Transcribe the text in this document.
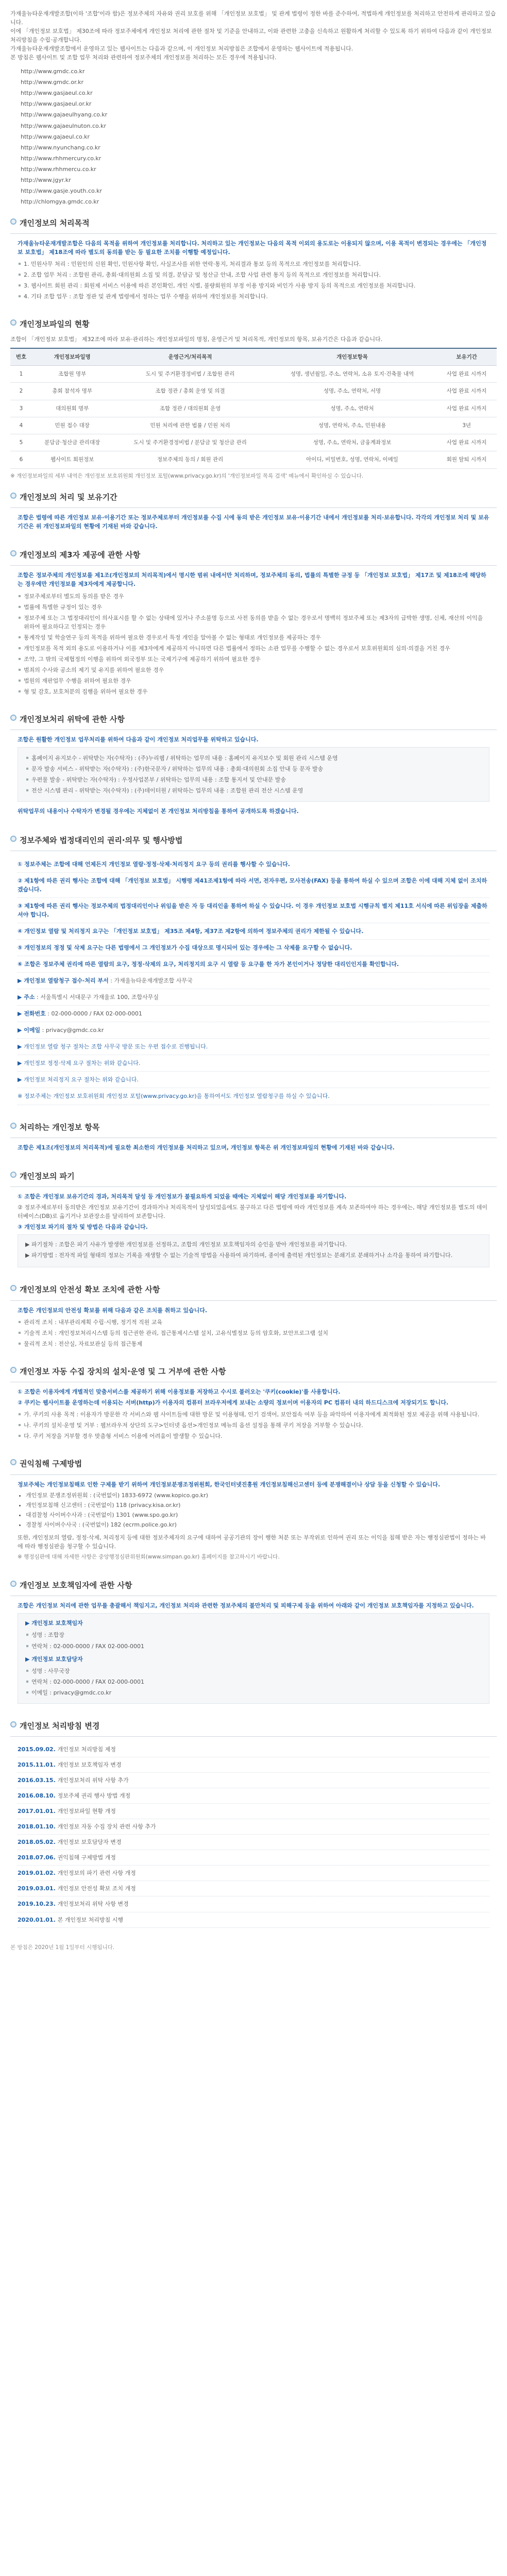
가재울뉴타운재개발조합(이하 '조합'이라 함)은 정보주체의 자유와 권리 보호를 위해 「개인정보 보호법」 및 관계 법령이 정한 바를 준수하여, 적법하게 개인정보를 처리하고 안전하게 관리하고 있습니다.

이에 「개인정보 보호법」 제30조에 따라 정보주체에게 개인정보 처리에 관한 절차 및 기준을 안내하고, 이와 관련한 고충을 신속하고 원활하게 처리할 수 있도록 하기 위하여 다음과 같이 개인정보 처리방침을 수립·공개합니다.

가재울뉴타운재개발조합에서 운영하고 있는 웹사이트는 다음과 같으며, 이 개인정보 처리방침은 조합에서 운영하는 웹사이트에 적용됩니다.

본 방침은 웹사이트 및 조합 업무 처리와 관련하여 정보주체의 개인정보를 처리하는 모든 경우에 적용됩니다.

http://www.gmdc.co.kr
http://www.gmdc.or.kr
http://www.gasjaeul.co.kr
http://www.gasjaeul.or.kr
http://www.gajaeulhyang.co.kr
http://www.gajaeulnuton.co.kr
http://www.gajaeul.co.kr
http://www.nyunchang.co.kr
http://www.rhhmercury.co.kr
http://www.rhhmercu.co.kr
http://www.jgyr.kr
http://www.gasje.youth.co.kr
http://chlomgya.gmdc.co.kr
개인정보의 처리목적

가재울뉴타운재개발조합은 다음의 목적을 위하여 개인정보를 처리합니다. 처리하고 있는 개인정보는 다음의 목적 이외의 용도로는 이용되지 않으며, 이용 목적이 변경되는 경우에는 「개인정보 보호법」 제18조에 따라 별도의 동의를 받는 등 필요한 조치를 이행할 예정입니다.

1. 민원사무 처리 : 민원인의 신원 확인, 민원사항 확인, 사실조사를 위한 연락·통지, 처리결과 통보 등의 목적으로 개인정보를 처리합니다.
2. 조합 업무 처리 : 조합원 관리, 총회·대의원회 소집 및 의결, 분담금 및 청산금 안내, 조합 사업 관련 통지 등의 목적으로 개인정보를 처리합니다.
3. 웹사이트 회원 관리 : 회원제 서비스 이용에 따른 본인확인, 개인 식별, 불량회원의 부정 이용 방지와 비인가 사용 방지 등의 목적으로 개인정보를 처리합니다.
4. 기타 조합 업무 : 조합 정관 및 관계 법령에서 정하는 업무 수행을 위하여 개인정보를 처리합니다.
개인정보파일의 현황

조합이 「개인정보 보호법」 제32조에 따라 보유·관리하는 개인정보파일의 명칭, 운영근거 및 처리목적, 개인정보의 항목, 보유기간은 다음과 같습니다.

번호	개인정보파일명	운영근거/처리목적	개인정보항목	보유기간
1	조합원 명부	도시 및 주거환경정비법 / 조합원 관리	성명, 생년월일, 주소, 연락처, 소유 토지·건축물 내역	사업 완료 시까지
2	총회 참석자 명부	조합 정관 / 총회 운영 및 의결	성명, 주소, 연락처, 서명	사업 완료 시까지
3	대의원회 명부	조합 정관 / 대의원회 운영	성명, 주소, 연락처	사업 완료 시까지
4	민원 접수 대장	민원 처리에 관한 법률 / 민원 처리	성명, 연락처, 주소, 민원내용	3년
5	분담금·청산금 관리대장	도시 및 주거환경정비법 / 분담금 및 청산금 관리	성명, 주소, 연락처, 금융계좌정보	사업 완료 시까지
6	웹사이트 회원정보	정보주체의 동의 / 회원 관리	아이디, 비밀번호, 성명, 연락처, 이메일	회원 탈퇴 시까지

※ 개인정보파일의 세부 내역은 개인정보 보호위원회 개인정보 포털(www.privacy.go.kr)의 '개인정보파일 목록 검색' 메뉴에서 확인하실 수 있습니다.

개인정보의 처리 및 보유기간

조합은 법령에 따른 개인정보 보유·이용기간 또는 정보주체로부터 개인정보를 수집 시에 동의 받은 개인정보 보유·이용기간 내에서 개인정보를 처리·보유합니다. 각각의 개인정보 처리 및 보유기간은 위 개인정보파일의 현황에 기재된 바와 같습니다.

개인정보의 제3자 제공에 관한 사항

조합은 정보주체의 개인정보를 제1조(개인정보의 처리목적)에서 명시한 범위 내에서만 처리하며, 정보주체의 동의, 법률의 특별한 규정 등 「개인정보 보호법」 제17조 및 제18조에 해당하는 경우에만 개인정보를 제3자에게 제공합니다.

정보주체로부터 별도의 동의를 받은 경우
법률에 특별한 규정이 있는 경우
정보주체 또는 그 법정대리인이 의사표시를 할 수 없는 상태에 있거나 주소불명 등으로 사전 동의를 받을 수 없는 경우로서 명백히 정보주체 또는 제3자의 급박한 생명, 신체, 재산의 이익을 위하여 필요하다고 인정되는 경우
통계작성 및 학술연구 등의 목적을 위하여 필요한 경우로서 특정 개인을 알아볼 수 없는 형태로 개인정보를 제공하는 경우
개인정보를 목적 외의 용도로 이용하거나 이를 제3자에게 제공하지 아니하면 다른 법률에서 정하는 소관 업무를 수행할 수 없는 경우로서 보호위원회의 심의·의결을 거친 경우
조약, 그 밖의 국제협정의 이행을 위하여 외국정부 또는 국제기구에 제공하기 위하여 필요한 경우
범죄의 수사와 공소의 제기 및 유지를 위하여 필요한 경우
법원의 재판업무 수행을 위하여 필요한 경우
형 및 감호, 보호처분의 집행을 위하여 필요한 경우
개인정보처리 위탁에 관한 사항

조합은 원활한 개인정보 업무처리를 위하여 다음과 같이 개인정보 처리업무를 위탁하고 있습니다.

홈페이지 유지보수 - 위탁받는 자(수탁자) : (주)누리웹 / 위탁하는 업무의 내용 : 홈페이지 유지보수 및 회원 관리 시스템 운영
문자 발송 서비스 - 위탁받는 자(수탁자) : (주)한국문자 / 위탁하는 업무의 내용 : 총회·대의원회 소집 안내 등 문자 발송
우편물 발송 - 위탁받는 자(수탁자) : 우정사업본부 / 위탁하는 업무의 내용 : 조합 통지서 및 안내문 발송
전산 시스템 관리 - 위탁받는 자(수탁자) : (주)데이터원 / 위탁하는 업무의 내용 : 조합원 관리 전산 시스템 운영

위탁업무의 내용이나 수탁자가 변경될 경우에는 지체없이 본 개인정보 처리방침을 통하여 공개하도록 하겠습니다.

정보주체와 법정대리인의 권리·의무 및 행사방법
① 정보주체는 조합에 대해 언제든지 개인정보 열람·정정·삭제·처리정지 요구 등의 권리를 행사할 수 있습니다.
② 제1항에 따른 권리 행사는 조합에 대해 「개인정보 보호법」 시행령 제41조제1항에 따라 서면, 전자우편, 모사전송(FAX) 등을 통하여 하실 수 있으며 조합은 이에 대해 지체 없이 조치하겠습니다.
③ 제1항에 따른 권리 행사는 정보주체의 법정대리인이나 위임을 받은 자 등 대리인을 통하여 하실 수 있습니다. 이 경우 개인정보 보호법 시행규칙 별지 제11호 서식에 따른 위임장을 제출하셔야 합니다.
④ 개인정보 열람 및 처리정지 요구는 「개인정보 보호법」 제35조 제4항, 제37조 제2항에 의하여 정보주체의 권리가 제한될 수 있습니다.
⑤ 개인정보의 정정 및 삭제 요구는 다른 법령에서 그 개인정보가 수집 대상으로 명시되어 있는 경우에는 그 삭제를 요구할 수 없습니다.
⑥ 조합은 정보주체 권리에 따른 열람의 요구, 정정·삭제의 요구, 처리정지의 요구 시 열람 등 요구를 한 자가 본인이거나 정당한 대리인인지를 확인합니다.
▶ 개인정보 열람청구 접수·처리 부서 : 가재울뉴타운재개발조합 사무국
▶ 주소 : 서울특별시 서대문구 가재울로 100, 조합사무실
▶ 전화번호 : 02-000-0000 / FAX 02-000-0001
▶ 이메일 : privacy@gmdc.co.kr
▶ 개인정보 열람 청구 절차는 조합 사무국 방문 또는 우편 접수로 진행됩니다.
▶ 개인정보 정정·삭제 요구 절차는 위와 같습니다.
▶ 개인정보 처리정지 요구 절차는 위와 같습니다.
※ 정보주체는 개인정보 보호위원회 개인정보 포털(www.privacy.go.kr)을 통하여서도 개인정보 열람청구를 하실 수 있습니다.
처리하는 개인정보 항목

조합은 제1조(개인정보의 처리목적)에 필요한 최소한의 개인정보를 처리하고 있으며, 개인정보 항목은 위 개인정보파일의 현황에 기재된 바와 같습니다.

개인정보의 파기

① 조합은 개인정보 보유기간의 경과, 처리목적 달성 등 개인정보가 불필요하게 되었을 때에는 지체없이 해당 개인정보를 파기합니다.

② 정보주체로부터 동의받은 개인정보 보유기간이 경과하거나 처리목적이 달성되었음에도 불구하고 다른 법령에 따라 개인정보를 계속 보존하여야 하는 경우에는, 해당 개인정보를 별도의 데이터베이스(DB)로 옮기거나 보관장소를 달리하여 보존합니다.

③ 개인정보 파기의 절차 및 방법은 다음과 같습니다.

▶ 파기절차 : 조합은 파기 사유가 발생한 개인정보를 선정하고, 조합의 개인정보 보호책임자의 승인을 받아 개인정보를 파기합니다.

▶ 파기방법 : 전자적 파일 형태의 정보는 기록을 재생할 수 없는 기술적 방법을 사용하여 파기하며, 종이에 출력된 개인정보는 분쇄기로 분쇄하거나 소각을 통하여 파기합니다.

개인정보의 안전성 확보 조치에 관한 사항

조합은 개인정보의 안전성 확보를 위해 다음과 같은 조치를 취하고 있습니다.

관리적 조치 : 내부관리계획 수립·시행, 정기적 직원 교육
기술적 조치 : 개인정보처리시스템 등의 접근권한 관리, 접근통제시스템 설치, 고유식별정보 등의 암호화, 보안프로그램 설치
물리적 조치 : 전산실, 자료보관실 등의 접근통제
개인정보 자동 수집 장치의 설치·운영 및 그 거부에 관한 사항

① 조합은 이용자에게 개별적인 맞춤서비스를 제공하기 위해 이용정보를 저장하고 수시로 불러오는 '쿠키(cookie)'를 사용합니다.

② 쿠키는 웹사이트를 운영하는데 이용되는 서버(http)가 이용자의 컴퓨터 브라우저에게 보내는 소량의 정보이며 이용자의 PC 컴퓨터 내의 하드디스크에 저장되기도 합니다.

가. 쿠키의 사용 목적 : 이용자가 방문한 각 서비스와 웹 사이트들에 대한 방문 및 이용형태, 인기 검색어, 보안접속 여부 등을 파악하여 이용자에게 최적화된 정보 제공을 위해 사용됩니다.
나. 쿠키의 설치·운영 및 거부 : 웹브라우저 상단의 도구>인터넷 옵션>개인정보 메뉴의 옵션 설정을 통해 쿠키 저장을 거부할 수 있습니다.
다. 쿠키 저장을 거부할 경우 맞춤형 서비스 이용에 어려움이 발생할 수 있습니다.
권익침해 구제방법

정보주체는 개인정보침해로 인한 구제를 받기 위하여 개인정보분쟁조정위원회, 한국인터넷진흥원 개인정보침해신고센터 등에 분쟁해결이나 상담 등을 신청할 수 있습니다.

• 개인정보 분쟁조정위원회 : (국번없이) 1833-6972 (www.kopico.go.kr)
• 개인정보침해 신고센터 : (국번없이) 118 (privacy.kisa.or.kr)
• 대검찰청 사이버수사과 : (국번없이) 1301 (www.spo.go.kr)
• 경찰청 사이버수사국 : (국번없이) 182 (ecrm.police.go.kr)

또한, 개인정보의 열람, 정정·삭제, 처리정지 등에 대한 정보주체자의 요구에 대하여 공공기관의 장이 행한 처분 또는 부작위로 인하여 권리 또는 이익을 침해 받은 자는 행정심판법이 정하는 바에 따라 행정심판을 청구할 수 있습니다.

※ 행정심판에 대해 자세한 사항은 중앙행정심판위원회(www.simpan.go.kr) 홈페이지를 참고하시기 바랍니다.

개인정보 보호책임자에 관한 사항

조합은 개인정보 처리에 관한 업무를 총괄해서 책임지고, 개인정보 처리와 관련한 정보주체의 불만처리 및 피해구제 등을 위하여 아래와 같이 개인정보 보호책임자를 지정하고 있습니다.

▶ 개인정보 보호책임자

성명 : 조합장
연락처 : 02-000-0000 / FAX 02-000-0001

▶ 개인정보 보호담당자

성명 : 사무국장
연락처 : 02-000-0000 / FAX 02-000-0001
이메일 : privacy@gmdc.co.kr
개인정보 처리방침 변경
2015.09.02. 개인정보 처리방침 제정
2015.11.01. 개인정보 보호책임자 변경
2016.03.15. 개인정보처리 위탁 사항 추가
2016.08.10. 정보주체 권리 행사 방법 개정
2017.01.01. 개인정보파일 현황 개정
2018.01.10. 개인정보 자동 수집 장치 관련 사항 추가
2018.05.02. 개인정보 보호담당자 변경
2018.07.06. 권익침해 구제방법 개정
2019.01.02. 개인정보의 파기 관련 사항 개정
2019.03.01. 개인정보 안전성 확보 조치 개정
2019.10.23. 개인정보처리 위탁 사항 변경
2020.01.01. 본 개인정보 처리방침 시행
본 방침은 2020년 1월 1일부터 시행됩니다.
